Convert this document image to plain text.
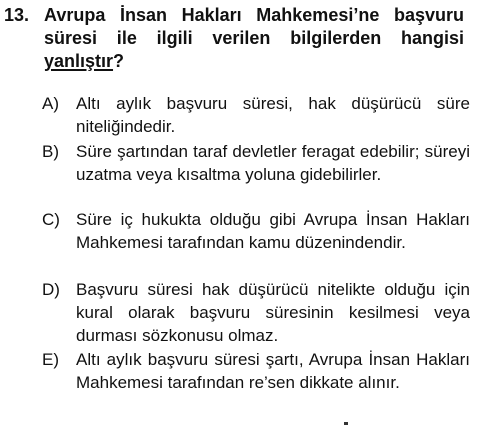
13. Avrupa İnsan Hakları Mahkemesi’ne başvuru süresi ile ilgili verilen bilgilerden hangisi yanlıştır?
A)	Altı aylık başvuru süresi, hak düşürücü süre niteliğindedir.
B)	Süre şartından taraf devletler feragat edebilir; süreyi uzatma veya kısaltma yoluna gidebilirler.
C) Süre iç hukukta olduğu gibi Avrupa İnsan Hakları Mahkemesi tarafından kamu düzenindendir.
D) Başvuru süresi hak düşürücü nitelikte olduğu için kural olarak başvuru süresinin kesilmesi veya durması sözkonusu olmaz.
E)	Altı aylık başvuru süresi şartı, Avrupa İnsan Hakları Mahkemesi tarafından re’sen dikkate alınır.
